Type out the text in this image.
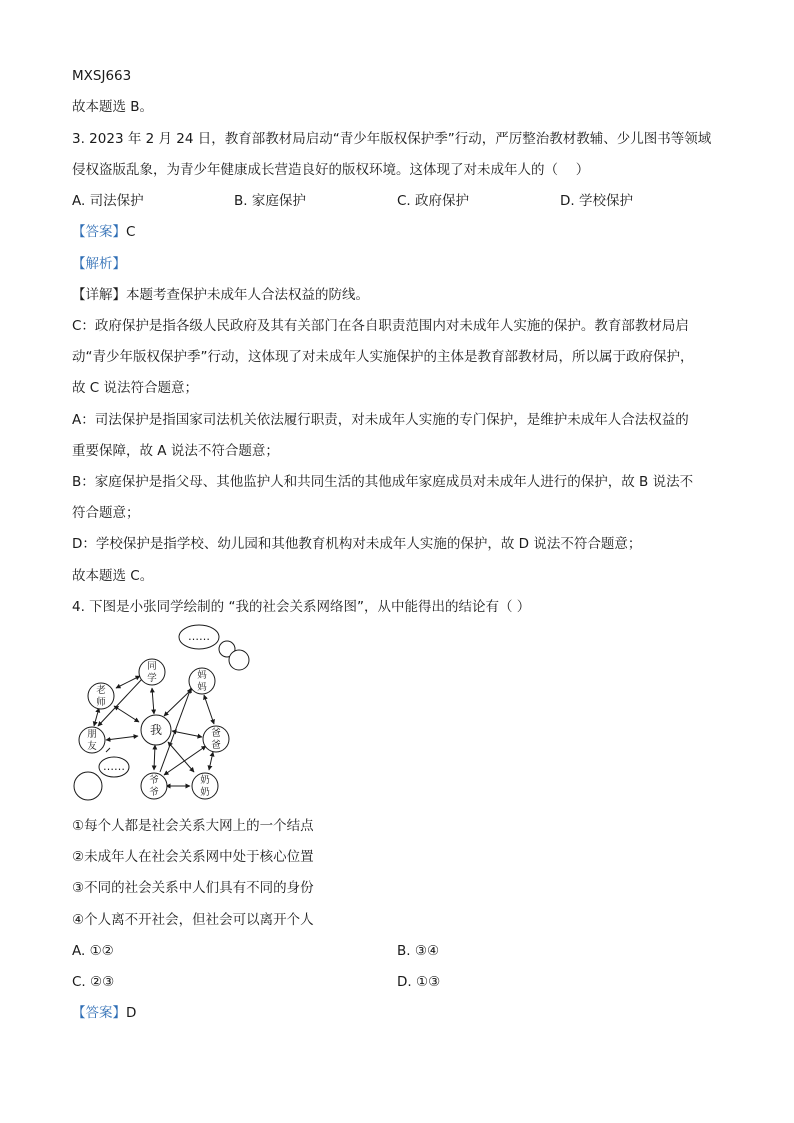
MXSJ663
故本题选 B。
3. 2023 年 2 月 24 日，教育部教材局启动“青少年版权保护季”行动，严厉整治教材教辅、少儿图书等领域
侵权盗版乱象，为青少年健康成长营造良好的版权环境。这体现了对未成年人的（　 ）
A. 司法保护	B. 家庭保护	C. 政府保护	D. 学校保护
【答案】C
【解析】
【详解】本题考查保护未成年人合法权益的防线。
C：政府保护是指各级人民政府及其有关部门在各自职责范围内对未成年人实施的保护。教育部教材局启
动“青少年版权保护季”行动，这体现了对未成年人实施保护的主体是教育部教材局，所以属于政府保护，
故 C 说法符合题意；
A：司法保护是指国家司法机关依法履行职责，对未成年人实施的专门保护，是维护未成年人合法权益的
重要保障，故 A 说法不符合题意；
B：家庭保护是指父母、其他监护人和共同生活的其他成年家庭成员对未成年人进行的保护，故 B 说法不
符合题意；
D：学校保护是指学校、幼儿园和其他教育机构对未成年人实施的保护，故 D 说法不符合题意；
故本题选 C。
4. 下图是小张同学绘制的 “我的社会关系网络图”，从中能得出的结论有（ ）
我
同
学
老
师
朋
友
妈
妈
爸
爸
爷
爷
奶
奶
……
……
①每个人都是社会关系大网上的一个结点
②未成年人在社会关系网中处于核心位置
③不同的社会关系中人们具有不同的身份
④个人离不开社会，但社会可以离开个人
A. ①②	B. ③④
C. ②③	D. ①③
【答案】D
